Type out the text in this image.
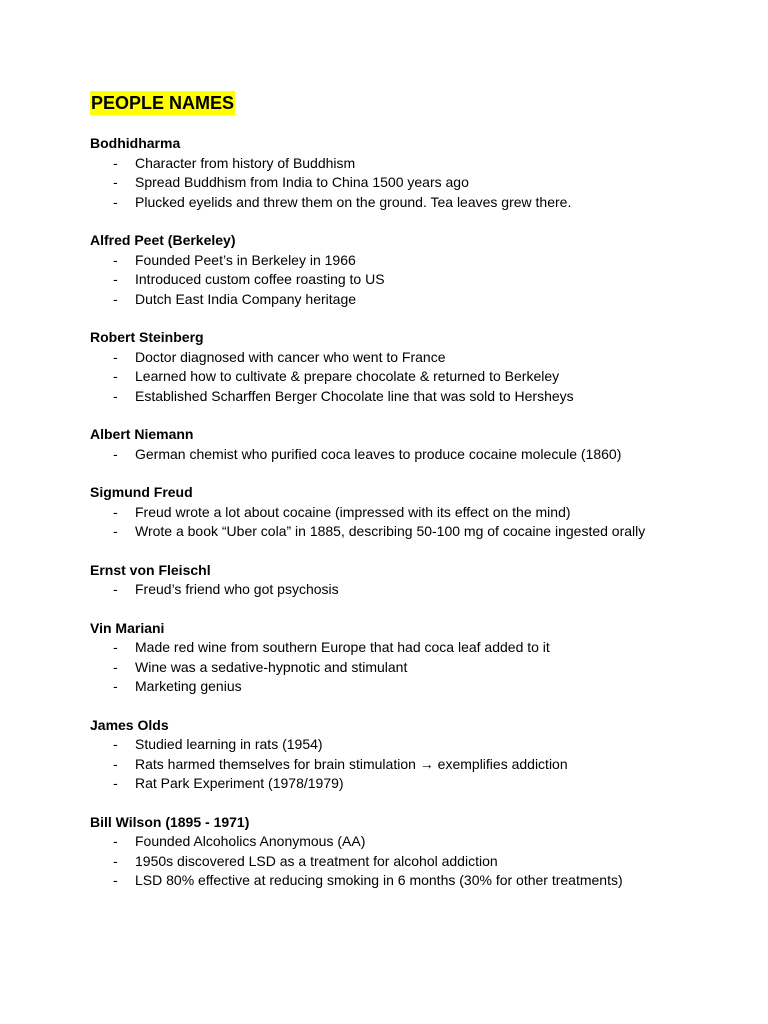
PEOPLE NAMES
Bodhidharma
- Character from history of Buddhism
- Spread Buddhism from India to China 1500 years ago
- Plucked eyelids and threw them on the ground. Tea leaves grew there.
Alfred Peet (Berkeley)
- Founded Peet’s in Berkeley in 1966
- Introduced custom coffee roasting to US
- Dutch East India Company heritage
Robert Steinberg
- Doctor diagnosed with cancer who went to France
- Learned how to cultivate & prepare chocolate & returned to Berkeley
- Established Scharffen Berger Chocolate line that was sold to Hersheys
Albert Niemann
- German chemist who purified coca leaves to produce cocaine molecule (1860)
Sigmund Freud
- Freud wrote a lot about cocaine (impressed with its effect on the mind)
- Wrote a book “Uber cola” in 1885, describing 50-100 mg of cocaine ingested orally
Ernst von Fleischl
- Freud’s friend who got psychosis
Vin Mariani
- Made red wine from southern Europe that had coca leaf added to it
- Wine was a sedative-hypnotic and stimulant
- Marketing genius
James Olds
- Studied learning in rats (1954)
- Rats harmed themselves for brain stimulation → exemplifies addiction
- Rat Park Experiment (1978/1979)
Bill Wilson (1895 - 1971)
- Founded Alcoholics Anonymous (AA)
- 1950s discovered LSD as a treatment for alcohol addiction
- LSD 80% effective at reducing smoking in 6 months (30% for other treatments)
